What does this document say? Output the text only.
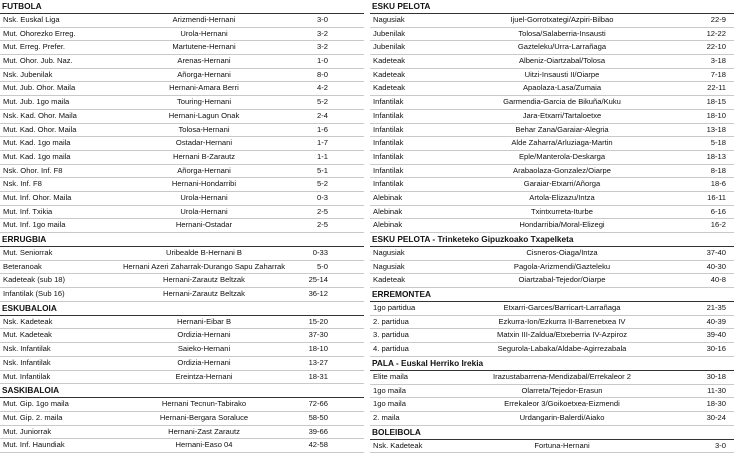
FUTBOLA
Nsk. Euskal Liga	Arizmendi-Hernani	3-0
Mut. Ohorezko Erreg.	Urola-Hernani	3-2
Mut. Erreg. Prefer.	Martutene-Hernani	3-2
Mut. Ohor. Jub. Naz.	Arenas-Hernani	1-0
Nsk. Jubenilak	Añorga-Hernani	8-0
Mut. Jub. Ohor. Maila	Hernani-Amara Berri	4-2
Mut. Jub. 1go maila	Touring-Hernani	5-2
Nsk. Kad. Ohor. Maila	Hernani-Lagun Onak	2-4
Mut. Kad. Ohor. Maila	Tolosa-Hernani	1-6
Mut. Kad. 1go maila	Ostadar-Hernani	1-7
Mut. Kad. 1go maila	Hernani B-Zarautz	1-1
Nsk. Ohor. Inf. F8	Añorga-Hernani	5-1
Nsk. Inf. F8	Hernani-Hondarribi	5-2
Mut. Inf. Ohor. Maila	Urola-Hernani	0-3
Mut. Inf. Txikia	Urola-Hernani	2-5
Mut. Inf. 1go maila	Hernani-Ostadar	2-5
ERRUGBIA
Mut. Seniorrak	Uribealde B-Hernani B	0-33
Beteranoak	Hernani Azeri Zaharrak-Durango Sapu Zaharrak	5-0
Kadeteak (sub 18)	Hernani-Zarautz Beltzak	25-14
Infantilak (Sub 16)	Hernani-Zarautz Beltzak	36-12
ESKUBALOIA
Nsk. Kadeteak	Hernani-Eibar B	15-20
Mut. Kadeteak	Ordizia-Hernani	37-30
Nsk. Infantilak	Saieko-Hernani	18-10
Nsk. Infantilak	Ordizia-Hernani	13-27
Mut. Infantilak	Ereintza-Hernani	18-31
SASKIBALOIA
Mut. Gip. 1go maila	Hernani Tecnun-Tabirako	72-66
Mut. Gip. 2. maila	Hernani-Bergara Soraluce	58-50
Mut. Juniorrak	Hernani-Zast Zarautz	39-66
Mut. Inf. Haundiak	Hernani-Easo 04	42-58
ESKU PELOTA
Nagusiak	Ijuel-Gorrotxategi/Azpiri-Bilbao	22-9
Jubenilak	Tolosa/Salaberria-Insausti	12-22
Jubenilak	Gazteleku/Urra-Larrañaga	22-10
Kadeteak	Albeniz-Oiartzabal/Tolosa	3-18
Kadeteak	Uitzi-Insausti II/Oiarpe	7-18
Kadeteak	Apaolaza-Lasa/Zumaia	22-11
Infantilak	Garmendia-Garcia de Bikuña/Kuku	18-15
Infantilak	Jara-Etxarri/Tartaloetxe	18-10
Infantilak	Behar Zana/Garaiar-Alegria	13-18
Infantilak	Alde Zaharra/Arluziaga-Martin	5-18
Infantilak	Eple/Manterola-Deskarga	18-13
Infantilak	Arabaolaza-Gonzalez/Oiarpe	8-18
Infantilak	Garaiar-Etxarri/Añorga	18-6
Alebinak	Artola-Elizazu/Intza	16-11
Alebinak	Txintxurreta-Iturbe	6-16
Alebinak	Hondarribia/Moral-Elizegi	16-2
ESKU PELOTA - Trinketeko Gipuzkoako Txapelketa
Nagusiak	Cisneros-Oiaga/Intza	37-40
Nagusiak	Pagola-Arizmendi/Gazteleku	40-30
Kadeteak	Oiartzabal-Tejedor/Oiarpe	40-8
ERREMONTEA
1go partidua	Etxarri-Garces/Barricart-Larrañaga	21-35
2. partidua	Ezkurra-Ion/Ezkurra II-Barrenetxea IV	40-39
3. partidua	Matxin III-Zaldua/Etxeberria IV-Azpiroz	39-40
4. partidua	Segurola-Labaka/Aldabe-Agirrezabala	30-16
PALA - Euskal Herriko Irekia
Elite maila	Irazustabarrena-Mendizabal/Errekaleor 2	30-18
1go maila	Olarreta/Tejedor-Erasun	11-30
1go maila	Errekaleor 3/Goikoetxea-Eizmendi	18-30
2. maila	Urdangarin-Balerdi/Aiako	30-24
BOLEIBOLA
Nsk. Kadeteak	Fortuna-Hernani	3-0
